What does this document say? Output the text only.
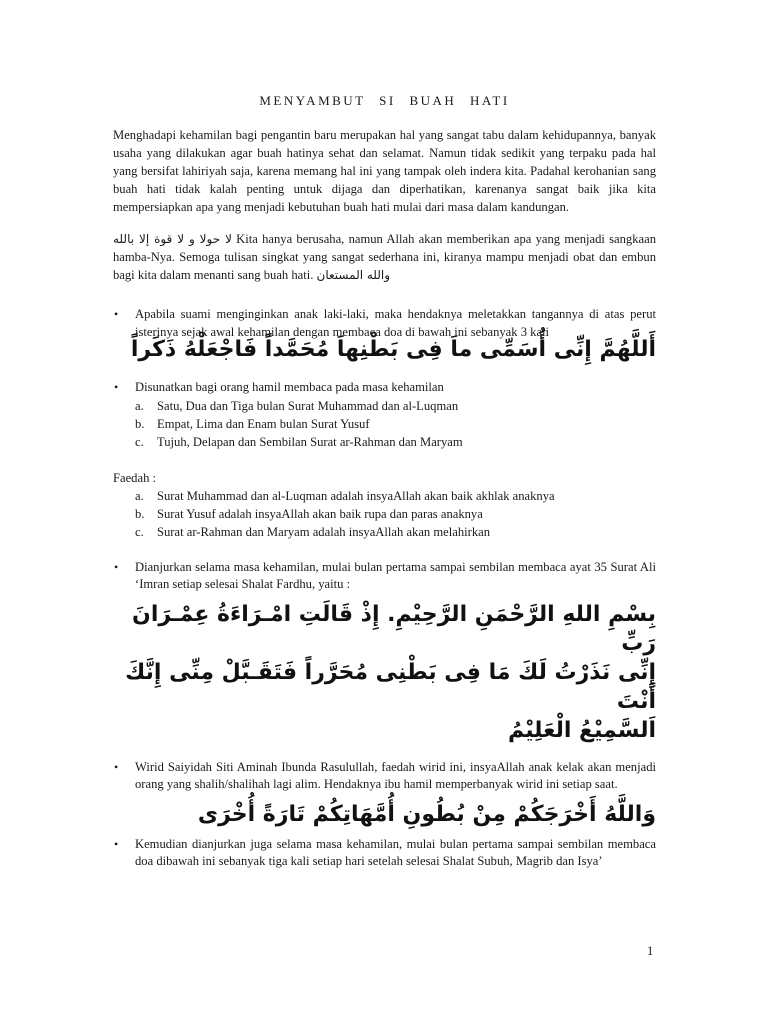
MENYAMBUT SI BUAH HATI

Menghadapi kehamilan bagi pengantin baru merupakan hal yang sangat tabu dalam kehidupannya, banyak usaha yang dilakukan agar buah hatinya sehat dan selamat. Namun tidak sedikit yang terpaku pada hal yang bersifat lahiriyah saja, karena memang hal ini yang tampak oleh indera kita. Padahal kerohanian sang buah hati tidak kalah penting untuk dijaga dan diperhatikan, karenanya sangat baik jika kita mempersiapkan apa yang menjadi kebutuhan buah hati mulai dari masa dalam kandungan.

لا حولا و لا قوة إلا بالله Kita hanya berusaha, namun Allah akan memberikan apa yang menjadi sangkaan hamba-Nya. Semoga tulisan singkat yang sangat sederhana ini, kiranya mampu menjadi obat dan embun bagi kita dalam menanti sang buah hati. والله المستعان

• Apabila suami menginginkan anak laki-laki, maka hendaknya meletakkan tangannya di atas perut isterinya sejak awal kehamilan dengan membaca doa di bawah ini sebanyak 3 kali
أَللَّهُمَّ إِنِّى أُسَمِّى ماَ فِى بَطْنِهاَ مُحَمَّداً فَاجْعَلْهُ ذَكَراً
• Disunatkan bagi orang hamil membaca pada masa kehamilan
a. Satu, Dua dan Tiga bulan Surat Muhammad dan al-Luqman
b. Empat, Lima dan Enam bulan Surat Yusuf
c. Tujuh, Delapan dan Sembilan Surat ar-Rahman dan Maryam

Faedah :

a. Surat Muhammad dan al-Luqman adalah insyaAllah akan baik akhlak anaknya
b. Surat Yusuf adalah insyaAllah akan baik rupa dan paras anaknya
c. Surat ar-Rahman dan Maryam adalah insyaAllah akan melahirkan
• Dianjurkan selama masa kehamilan, mulai bulan pertama sampai sembilan membaca ayat 35 Surat Ali ‘Imran setiap selesai Shalat Fardhu, yaitu :
بِسْمِ اللهِ الرَّحْمَنِ الرَّحِيْمِ. إِذْ قَالَتِ امْـرَاءَةُ عِمْـرَانَ رَبِّ
إِنِّى نَذَرْتُ لَكَ مَا فِى بَطْنِى مُحَرَّراً فَتَقَـبَّلْ مِنِّى إِنَّكَ أَنْتَ
اَلسَّمِيْعُ الْعَلِيْمُ
• Wirid Saiyidah Siti Aminah Ibunda Rasulullah, faedah wirid ini, insyaAllah anak kelak akan menjadi orang yang shalih/shalihah lagi alim. Hendaknya ibu hamil memperbanyak wirid ini setiap saat.
وَاللَّهُ أَخْرَجَكُمْ مِنْ بُطُونِ أُمَّهَاتِكُمْ تَارَةً أُخْرَى
• Kemudian dianjurkan juga selama masa kehamilan, mulai bulan pertama sampai sembilan membaca doa dibawah ini sebanyak tiga kali setiap hari setelah selesai Shalat Subuh, Magrib dan Isya’
1
